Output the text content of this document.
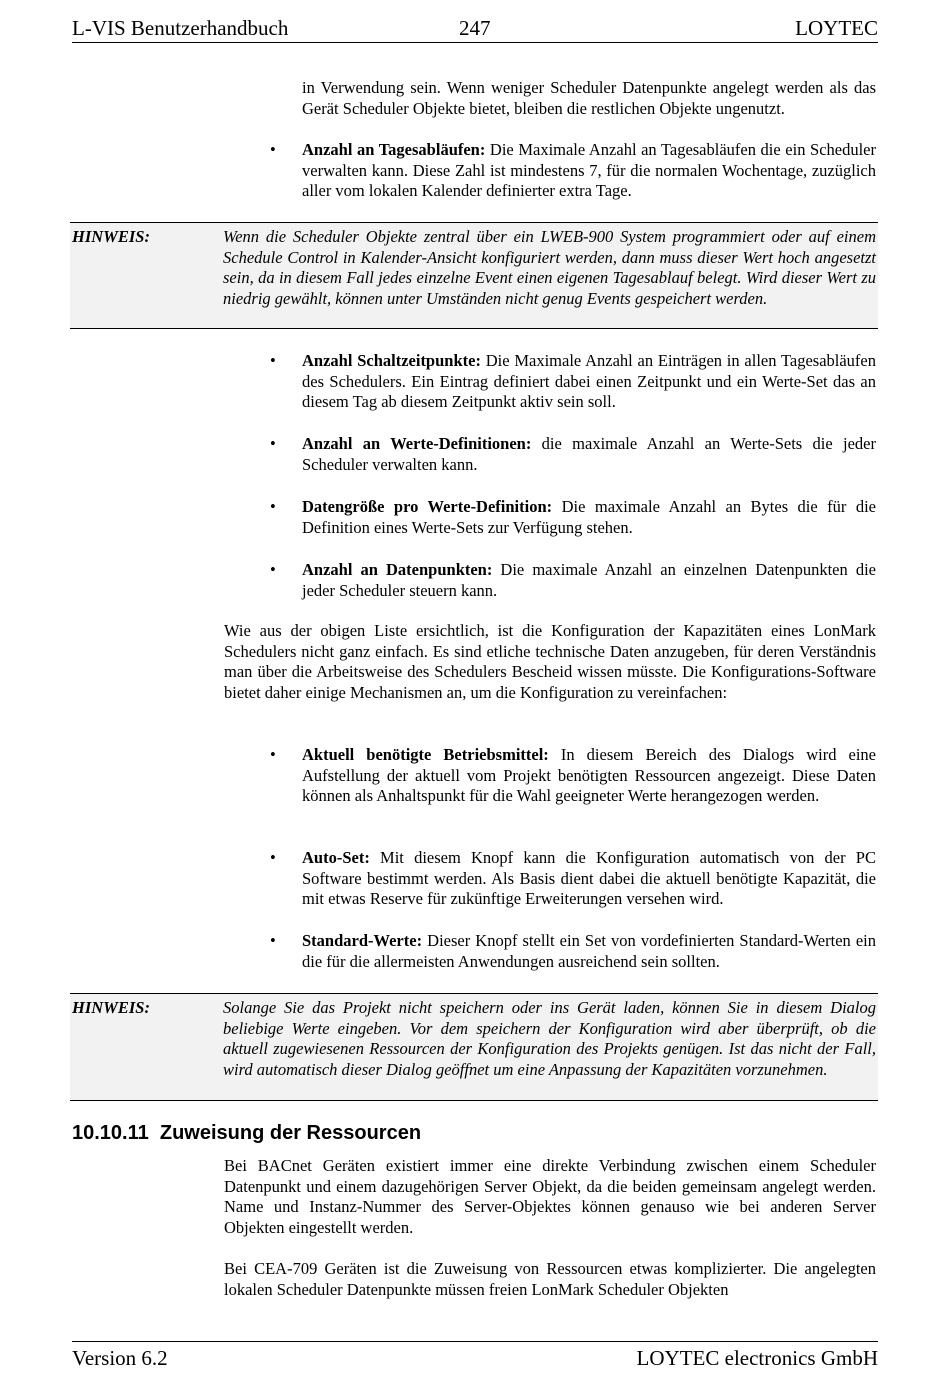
L-VIS Benutzerhandbuch	247	LOYTEC
in Verwendung sein. Wenn weniger Scheduler Datenpunkte angelegt werden als das Gerät Scheduler Objekte bietet, bleiben die restlichen Objekte ungenutzt.
• Anzahl an Tagesabläufen: Die Maximale Anzahl an Tagesabläufen die ein Scheduler verwalten kann. Diese Zahl ist mindestens 7, für die normalen Wochentage, zuzüglich aller vom lokalen Kalender definierter extra Tage.
HINWEIS:	Wenn die Scheduler Objekte zentral über ein LWEB-900 System programmiert oder auf einem Schedule Control in Kalender-Ansicht konfiguriert werden, dann muss dieser Wert hoch angesetzt sein, da in diesem Fall jedes einzelne Event einen eigenen Tagesablauf belegt. Wird dieser Wert zu niedrig gewählt, können unter Umständen nicht genug Events gespeichert werden.
• Anzahl Schaltzeitpunkte: Die Maximale Anzahl an Einträgen in allen Tagesabläufen des Schedulers. Ein Eintrag definiert dabei einen Zeitpunkt und ein Werte-Set das an diesem Tag ab diesem Zeitpunkt aktiv sein soll.
• Anzahl an Werte-Definitionen: die maximale Anzahl an Werte-Sets die jeder Scheduler verwalten kann.
• Datengröße pro Werte-Definition: Die maximale Anzahl an Bytes die für die Definition eines Werte-Sets zur Verfügung stehen.
• Anzahl an Datenpunkten: Die maximale Anzahl an einzelnen Datenpunkten die jeder Scheduler steuern kann.
Wie aus der obigen Liste ersichtlich, ist die Konfiguration der Kapazitäten eines LonMark Schedulers nicht ganz einfach. Es sind etliche technische Daten anzugeben, für deren Verständnis man über die Arbeitsweise des Schedulers Bescheid wissen müsste. Die Konfigurations-Software bietet daher einige Mechanismen an, um die Konfiguration zu vereinfachen:
• Aktuell benötigte Betriebsmittel: In diesem Bereich des Dialogs wird eine Aufstellung der aktuell vom Projekt benötigten Ressourcen angezeigt. Diese Daten können als Anhaltspunkt für die Wahl geeigneter Werte herangezogen werden.
• Auto-Set: Mit diesem Knopf kann die Konfiguration automatisch von der PC Software bestimmt werden. Als Basis dient dabei die aktuell benötigte Kapazität, die mit etwas Reserve für zukünftige Erweiterungen versehen wird.
• Standard-Werte: Dieser Knopf stellt ein Set von vordefinierten Standard-Werten ein die für die allermeisten Anwendungen ausreichend sein sollten.
HINWEIS:	Solange Sie das Projekt nicht speichern oder ins Gerät laden, können Sie in diesem Dialog beliebige Werte eingeben. Vor dem speichern der Konfiguration wird aber überprüft, ob die aktuell zugewiesenen Ressourcen der Konfiguration des Projekts genügen. Ist das nicht der Fall, wird automatisch dieser Dialog geöffnet um eine Anpassung der Kapazitäten vorzunehmen.
10.10.11 Zuweisung der Ressourcen
Bei BACnet Geräten existiert immer eine direkte Verbindung zwischen einem Scheduler Datenpunkt und einem dazugehörigen Server Objekt, da die beiden gemeinsam angelegt werden. Name und Instanz-Nummer des Server-Objektes können genauso wie bei anderen Server Objekten eingestellt werden.
Bei CEA-709 Geräten ist die Zuweisung von Ressourcen etwas komplizierter. Die angelegten lokalen Scheduler Datenpunkte müssen freien LonMark Scheduler Objekten
Version 6.2	LOYTEC electronics GmbH
